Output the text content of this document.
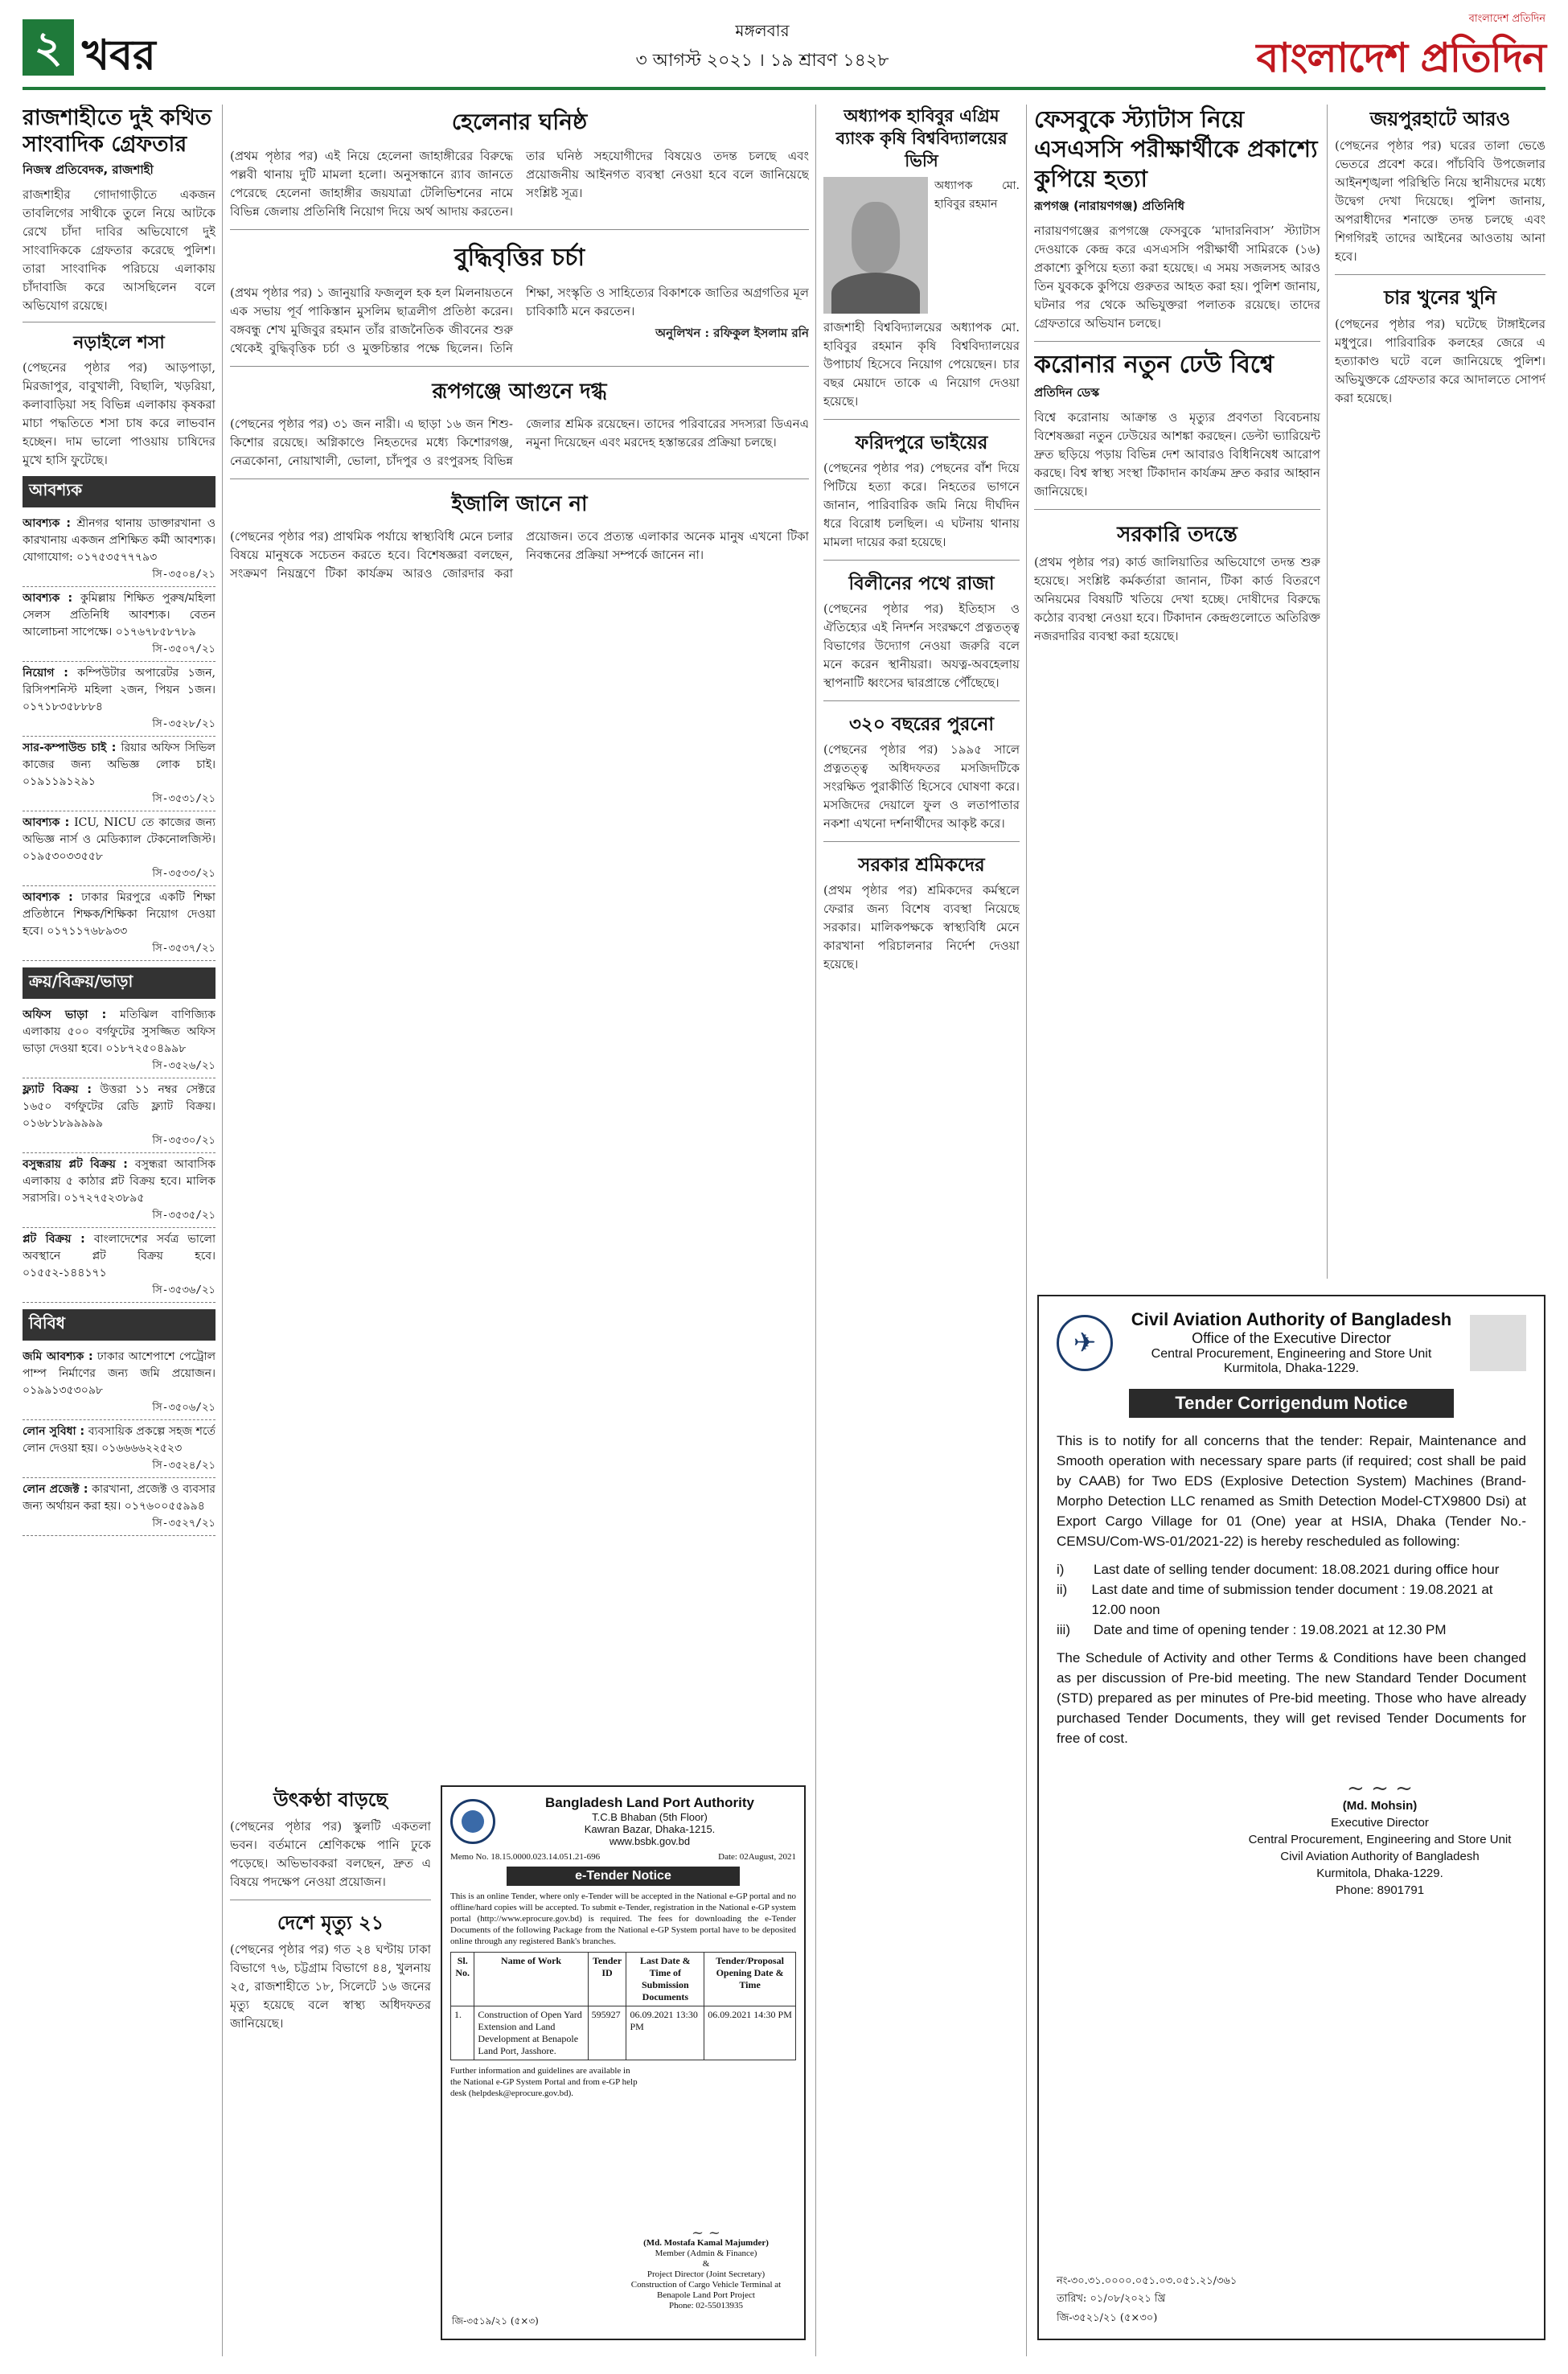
২ খবর
মঙ্গলবার
৩ আগস্ট ২০২১ । ১৯ শ্রাবণ ১৪২৮
বাংলাদেশ প্রতিদিন
বাংলাদেশ প্রতিদিন
রাজশাহীতে দুই কথিত সাংবাদিক গ্রেফতার
নিজস্ব প্রতিবেদক, রাজশাহী

রাজশাহীর গোদাগাড়ীতে একজন তাবলিগের সাথীকে তুলে নিয়ে আটকে রেখে চাঁদা দাবির অভিযোগে দুই সাংবাদিককে গ্রেফতার করেছে পুলিশ। তারা সাংবাদিক পরিচয়ে এলাকায় চাঁদাবাজি করে আসছিলেন বলে অভিযোগ রয়েছে।

নড়াইলে শসা

(পেছনের পৃষ্ঠার পর) আড়পাড়া, মিরজাপুর, বাবুখালী, বিছালি, খড়রিয়া, কলাবাড়িয়া সহ বিভিন্ন এলাকায় কৃষকরা মাচা পদ্ধতিতে শসা চাষ করে লাভবান হচ্ছেন। দাম ভালো পাওয়ায় চাষিদের মুখে হাসি ফুটেছে।

আবশ্যক
আবশ্যক : শ্রীনগর থানায় ডাক্তারখানা ও কারখানায় একজন প্রশিক্ষিত কর্মী আবশ্যক। যোগাযোগ: ০১৭৫৩৫৭৭৭৯৩
সি-৩৫০৪/২১
আবশ্যক : কুমিল্লায় শিক্ষিত পুরুষ/মহিলা সেলস প্রতিনিধি আবশ্যক। বেতন আলোচনা সাপেক্ষে। ০১৭৬৭৮৫৮৭৮৯
সি-৩৫০৭/২১
নিয়োগ : কম্পিউটার অপারেটর ১জন, রিসিপশনিস্ট মহিলা ২জন, পিয়ন ১জন। ০১৭১৮৩৫৮৮৮৪
সি-৩৫২৮/২১
সার-কম্পাউন্ড চাই : রিয়ার অফিস সিভিল কাজের জন্য অভিজ্ঞ লোক চাই। ০১৯১১৯১২৯১
সি-৩৫৩১/২১
আবশ্যক : ICU, NICU তে কাজের জন্য অভিজ্ঞ নার্স ও মেডিক্যাল টেকনোলজিস্ট। ০১৯৫৩০৩৩৫৫৮
সি-৩৫৩৩/২১
আবশ্যক : ঢাকার মিরপুরে একটি শিক্ষা প্রতিষ্ঠানে শিক্ষক/শিক্ষিকা নিয়োগ দেওয়া হবে। ০১৭১১৭৬৮৯৩৩
সি-৩৫৩৭/২১
ক্রয়/বিক্রয়/ভাড়া
অফিস ভাড়া : মতিঝিল বাণিজ্যিক এলাকায় ৫০০ বর্গফুটের সুসজ্জিত অফিস ভাড়া দেওয়া হবে। ০১৮৭২৫০৪৯৯৮
সি-৩৫২৬/২১
ফ্ল্যাট বিক্রয় : উত্তরা ১১ নম্বর সেক্টরে ১৬৫০ বর্গফুটের রেডি ফ্ল্যাট বিক্রয়। ০১৬৮১৮৯৯৯৯৯
সি-৩৫৩০/২১
বসুন্ধরায় প্লট বিক্রয় : বসুন্ধরা আবাসিক এলাকায় ৫ কাঠার প্লট বিক্রয় হবে। মালিক সরাসরি। ০১৭২৭৫২৩৮৯৫
সি-৩৫৩৫/২১
প্লট বিক্রয় : বাংলাদেশের সর্বত্র ভালো অবস্থানে প্লট বিক্রয় হবে। ০১৫৫২-১৪৪১৭১
সি-৩৫৩৬/২১
বিবিধ
জমি আবশ্যক : ঢাকার আশেপাশে পেট্রোল পাম্প নির্মাণের জন্য জমি প্রয়োজন। ০১৯৯১৩৫৩০৯৮
সি-৩৫০৬/২১
লোন সুবিধা : ব্যবসায়িক প্রকল্পে সহজ শর্তে লোন দেওয়া হয়। ০১৬৬৬৬২২৫২৩
সি-৩৫২৪/২১
লোন প্রজেক্ট : কারখানা, প্রজেক্ট ও ব্যবসার জন্য অর্থায়ন করা হয়। ০১৭৬০০৫৫৯৯৪
সি-৩৫২৭/২১
হেলেনার ঘনিষ্ঠ

(প্রথম পৃষ্ঠার পর) এই নিয়ে হেলেনা জাহাঙ্গীরের বিরুদ্ধে পল্লবী থানায় দুটি মামলা হলো। অনুসন্ধানে র‌্যাব জানতে পেরেছে হেলেনা জাহাঙ্গীর জয়যাত্রা টেলিভিশনের নামে বিভিন্ন জেলায় প্রতিনিধি নিয়োগ দিয়ে অর্থ আদায় করতেন। তার ঘনিষ্ঠ সহযোগীদের বিষয়েও তদন্ত চলছে এবং প্রয়োজনীয় আইনগত ব্যবস্থা নেওয়া হবে বলে জানিয়েছে সংশ্লিষ্ট সূত্র।

বুদ্ধিবৃত্তির চর্চা

(প্রথম পৃষ্ঠার পর) ১ জানুয়ারি ফজলুল হক হল মিলনায়তনে এক সভায় পূর্ব পাকিস্তান মুসলিম ছাত্রলীগ প্রতিষ্ঠা করেন। বঙ্গবন্ধু শেখ মুজিবুর রহমান তাঁর রাজনৈতিক জীবনের শুরু থেকেই বুদ্ধিবৃত্তিক চর্চা ও মুক্তচিন্তার পক্ষে ছিলেন। তিনি শিক্ষা, সংস্কৃতি ও সাহিত্যের বিকাশকে জাতির অগ্রগতির মূল চাবিকাঠি মনে করতেন।

অনুলিখন : রফিকুল ইসলাম রনি

রূপগঞ্জে আগুনে দগ্ধ

(পেছনের পৃষ্ঠার পর) ৩১ জন নারী। এ ছাড়া ১৬ জন শিশু-কিশোর রয়েছে। অগ্নিকাণ্ডে নিহতদের মধ্যে কিশোরগঞ্জ, নেত্রকোনা, নোয়াখালী, ভোলা, চাঁদপুর ও রংপুরসহ বিভিন্ন জেলার শ্রমিক রয়েছেন। তাদের পরিবারের সদস্যরা ডিএনএ নমুনা দিয়েছেন এবং মরদেহ হস্তান্তরের প্রক্রিয়া চলছে।

ইজালি জানে না

(পেছনের পৃষ্ঠার পর) প্রাথমিক পর্যায়ে স্বাস্থ্যবিধি মেনে চলার বিষয়ে মানুষকে সচেতন করতে হবে। বিশেষজ্ঞরা বলছেন, সংক্রমণ নিয়ন্ত্রণে টিকা কার্যক্রম আরও জোরদার করা প্রয়োজন। তবে প্রত্যন্ত এলাকার অনেক মানুষ এখনো টিকা নিবন্ধনের প্রক্রিয়া সম্পর্কে জানেন না।

উৎকণ্ঠা বাড়ছে

(পেছনের পৃষ্ঠার পর) স্কুলটি একতলা ভবন। বর্তমানে শ্রেণিকক্ষে পানি ঢুকে পড়েছে। অভিভাবকরা বলছেন, দ্রুত এ বিষয়ে পদক্ষেপ নেওয়া প্রয়োজন।

দেশে মৃত্যু ২১

(পেছনের পৃষ্ঠার পর) গত ২৪ ঘণ্টায় ঢাকা বিভাগে ৭৬, চট্টগ্রাম বিভাগে ৪৪, খুলনায় ২৫, রাজশাহীতে ১৮, সিলেটে ১৬ জনের মৃত্যু হয়েছে বলে স্বাস্থ্য অধিদফতর জানিয়েছে।

Bangladesh Land Port Authority
T.C.B Bhaban (5th Floor)
Kawran Bazar, Dhaka-1215.
www.bsbk.gov.bd
Memo No. 18.15.0000.023.14.051.21-696	Date: 02August, 2021
e-Tender Notice

This is an online Tender, where only e-Tender will be accepted in the National e-GP portal and no offline/hard copies will be accepted. To submit e-Tender, registration in the National e-GP system portal (http://www.eprocure.gov.bd) is required. The fees for downloading the e-Tender Documents of the following Package from the National e-GP System portal have to be deposited online through any registered Bank's branches.

Sl. No.	Name of Work	Tender ID	Last Date & Time of Submission Documents	Tender/Proposal Opening Date & Time
1.	Construction of Open Yard Extension and Land Development at Benapole Land Port, Jasshore.	595927	06.09.2021 13:30 PM	06.09.2021 14:30 PM

Further information and guidelines are available in the National e-GP System Portal and from e-GP help desk (helpdesk@eprocure.gov.bd).

~ ~
(Md. Mostafa Kamal Majumder)
Member (Admin & Finance)
&
Project Director (Joint Secretary)
Construction of Cargo Vehicle Terminal at Benapole Land Port Project
Phone: 02-55013935
জি-৩৫১৯/২১ (৫×৩)
অধ্যাপক হাবিবুর এগ্রিম ব্যাংক কৃষি বিশ্ববিদ্যালয়ের ভিসি

অধ্যাপক মো. হাবিবুর রহমান

রাজশাহী বিশ্ববিদ্যালয়ের অধ্যাপক মো. হাবিবুর রহমান কৃষি বিশ্ববিদ্যালয়ের উপাচার্য হিসেবে নিয়োগ পেয়েছেন। চার বছর মেয়াদে তাকে এ নিয়োগ দেওয়া হয়েছে।

ফরিদপুরে ভাইয়ের

(পেছনের পৃষ্ঠার পর) পেছনের বাঁশ দিয়ে পিটিয়ে হত্যা করে। নিহতের ভাগনে জানান, পারিবারিক জমি নিয়ে দীর্ঘদিন ধরে বিরোধ চলছিল। এ ঘটনায় থানায় মামলা দায়ের করা হয়েছে।

বিলীনের পথে রাজা

(পেছনের পৃষ্ঠার পর) ইতিহাস ও ঐতিহ্যের এই নিদর্শন সংরক্ষণে প্রত্নতত্ত্ব বিভাগের উদ্যোগ নেওয়া জরুরি বলে মনে করেন স্থানীয়রা। অযত্ন-অবহেলায় স্থাপনাটি ধ্বংসের দ্বারপ্রান্তে পৌঁছেছে।

৩২০ বছরের পুরনো

(পেছনের পৃষ্ঠার পর) ১৯৯৫ সালে প্রত্নতত্ত্ব অধিদফতর মসজিদটিকে সংরক্ষিত পুরাকীর্তি হিসেবে ঘোষণা করে। মসজিদের দেয়ালে ফুল ও লতাপাতার নকশা এখনো দর্শনার্থীদের আকৃষ্ট করে।

সরকার শ্রমিকদের

(প্রথম পৃষ্ঠার পর) শ্রমিকদের কর্মস্থলে ফেরার জন্য বিশেষ ব্যবস্থা নিয়েছে সরকার। মালিকপক্ষকে স্বাস্থ্যবিধি মেনে কারখানা পরিচালনার নির্দেশ দেওয়া হয়েছে।

ফেসবুকে স্ট্যাটাস নিয়ে এসএসসি পরীক্ষার্থীকে প্রকাশ্যে কুপিয়ে হত্যা
রূপগঞ্জ (নারায়ণগঞ্জ) প্রতিনিধি

নারায়ণগঞ্জের রূপগঞ্জে ফেসবুকে ‘মাদারনিবাস’ স্ট্যাটাস দেওয়াকে কেন্দ্র করে এসএসসি পরীক্ষার্থী সামিরকে (১৬) প্রকাশ্যে কুপিয়ে হত্যা করা হয়েছে। এ সময় সজলসহ আরও তিন যুবককে কুপিয়ে গুরুতর আহত করা হয়। পুলিশ জানায়, ঘটনার পর থেকে অভিযুক্তরা পলাতক রয়েছে। তাদের গ্রেফতারে অভিযান চলছে।

করোনার নতুন ঢেউ বিশ্বে
প্রতিদিন ডেস্ক

বিশ্বে করোনায় আক্রান্ত ও মৃত্যুর প্রবণতা বিবেচনায় বিশেষজ্ঞরা নতুন ঢেউয়ের আশঙ্কা করছেন। ডেল্টা ভ্যারিয়েন্ট দ্রুত ছড়িয়ে পড়ায় বিভিন্ন দেশ আবারও বিধিনিষেধ আরোপ করছে। বিশ্ব স্বাস্থ্য সংস্থা টিকাদান কার্যক্রম দ্রুত করার আহ্বান জানিয়েছে।

সরকারি তদন্তে

(প্রথম পৃষ্ঠার পর) কার্ড জালিয়াতির অভিযোগে তদন্ত শুরু হয়েছে। সংশ্লিষ্ট কর্মকর্তারা জানান, টিকা কার্ড বিতরণে অনিয়মের বিষয়টি খতিয়ে দেখা হচ্ছে। দোষীদের বিরুদ্ধে কঠোর ব্যবস্থা নেওয়া হবে। টিকাদান কেন্দ্রগুলোতে অতিরিক্ত নজরদারির ব্যবস্থা করা হয়েছে।

জয়পুরহাটে আরও

(পেছনের পৃষ্ঠার পর) ঘরের তালা ভেঙে ভেতরে প্রবেশ করে। পাঁচবিবি উপজেলার আইনশৃঙ্খলা পরিস্থিতি নিয়ে স্থানীয়দের মধ্যে উদ্বেগ দেখা দিয়েছে। পুলিশ জানায়, অপরাধীদের শনাক্তে তদন্ত চলছে এবং শিগগিরই তাদের আইনের আওতায় আনা হবে।

চার খুনের খুনি

(পেছনের পৃষ্ঠার পর) ঘটেছে টাঙ্গাইলের মধুপুরে। পারিবারিক কলহের জেরে এ হত্যাকাণ্ড ঘটে বলে জানিয়েছে পুলিশ। অভিযুক্তকে গ্রেফতার করে আদালতে সোপর্দ করা হয়েছে।

✈
Civil Aviation Authority of Bangladesh
Office of the Executive Director
Central Procurement, Engineering and Store Unit
Kurmitola, Dhaka-1229.
Tender Corrigendum Notice

This is to notify for all concerns that the tender: Repair, Maintenance and Smooth operation with necessary spare parts (if required; cost shall be paid by CAAB) for Two EDS (Explosive Detection System) Machines (Brand- Morpho Detection LLC renamed as Smith Detection Model-CTX9800 Dsi) at Export Cargo Village for 01 (One) year at HSIA, Dhaka (Tender No.-CEMSU/Com-WS-01/2021-22) is hereby rescheduled as following:

i)	Last date of selling tender document: 18.08.2021 during office hour
ii)	Last date and time of submission tender document : 19.08.2021 at 12.00 noon
iii)	Date and time of opening tender : 19.08.2021 at 12.30 PM

The Schedule of Activity and other Terms & Conditions have been changed as per discussion of Pre-bid meeting. The new Standard Tender Document (STD) prepared as per minutes of Pre-bid meeting. Those who have already purchased Tender Documents, they will get revised Tender Documents for free of cost.

~ ~ ~
(Md. Mohsin)
Executive Director
Central Procurement, Engineering and Store Unit
Civil Aviation Authority of Bangladesh
Kurmitola, Dhaka-1229.
Phone: 8901791
নং-৩০.৩১.০০০০.০৫১.০৩.০৫১.২১/৩৬১
তারিখ: ০১/০৮/২০২১ খ্রি
জি-৩৫২১/২১ (৫×৩০)
